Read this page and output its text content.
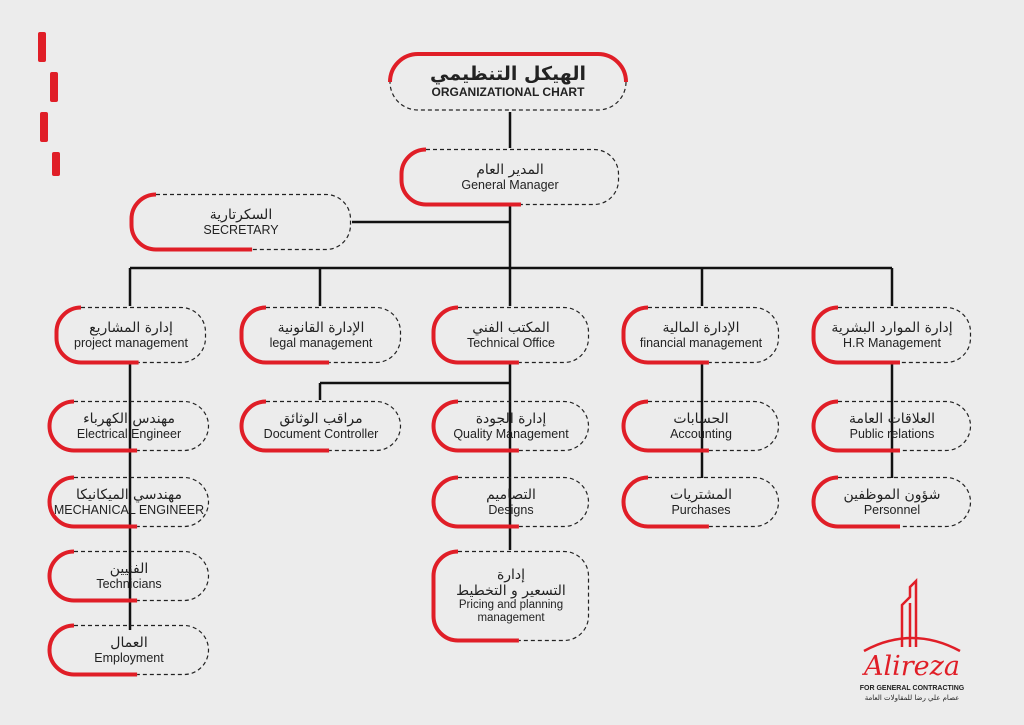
الهيكل التنظيمي
ORGANIZATIONAL CHART
المدير العام
General Manager
السكرتارية
SECRETARY
إدارة المشاريع
project management
الإدارة القانونية
legal management
المكتب الفني
Technical Office
الإدارة المالية
financial management
إدارة الموارد البشرية
H.R Management
مهندس الكهرباء
Electrical Engineer
مهندسي الميكانيكا
MECHANICAL ENGINEER
الفنيين
Technicians
العمال
Employment
مراقب الوثائق
Document Controller
إدارة الجودة
Quality Management
التصاميم
Designs
إدارة
التسعير و التخطيط
Pricing and planning
management
الحسابات
Accounting
المشتريات
Purchases
العلاقات العامة
Public relations
شؤون الموظفين
Personnel
Alireza
FOR GENERAL CONTRACTING
عصام علي رضا للمقاولات العامة
